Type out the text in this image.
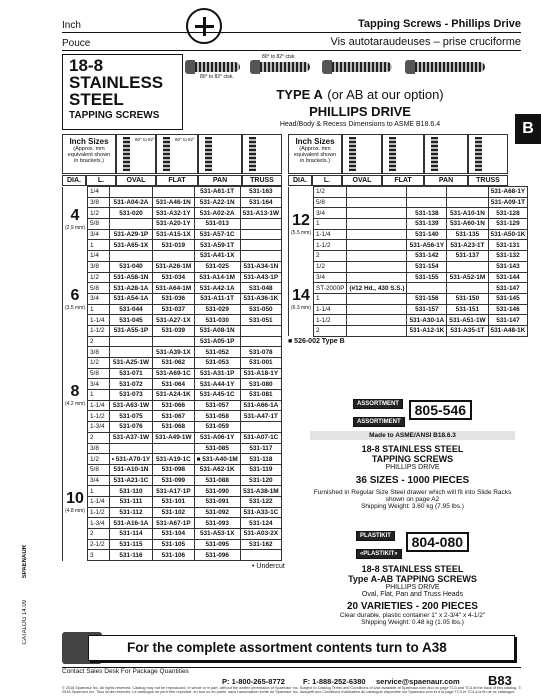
Inch
Pouce
Tapping Screws - Phillips Drive
Vis autotaraudeuses – prise cruciforme
B
18-8
STAINLESS
STEEL
TAPPING SCREWS
80° to 82° ctsk.
80° to 82° ctsk.
TYPE A (or AB at our option)
PHILLIPS DRIVE
Head/Body & Recess Dimensions to ASME B18.6.4
Inch Sizes
(Approx. mm equivalent shown in brackets.)
80° to 82°	80° to 82°
DIA.	L.	OVAL	FLAT	PAN	TRUSS
4
(2.9 mm)	1/4			531-A61-1T	531-163
	3/8	531-A04-2A	531-A46-1N	531-A22-1N	531-164
	1/2	531-020	531-A32-1Y	531-A02-2A	531-A13-1W
	5/8		531-A20-1Y	531-013	
	3/4	531-A29-1P	531-A15-1X	531-A57-1C	
	1	531-A65-1X	531-019	531-A59-1T	

6
(3.5 mm)	1/4			531-A41-1X	
	3/8	531-040	531-A26-1M	531-025	531-A34-1N
	1/2	531-A58-1N	531-034	531-A14-1M	531-A43-1P
	5/8	531-A28-1A	531-A64-1M	531-A42-1A	531-048
	3/4	531-A54-1A	531-036	531-A11-1T	531-A36-1K
	1	531-044	531-037	531-029	531-050
	1-1/4	531-045	531-A27-1X	531-030	531-051
	1-1/2	531-A55-1P	531-039	531-A08-1N	
	2			531-A05-1P	

8
(4.2 mm)	3/8		531-A39-1X	531-052	531-078
	1/2	531-A25-1W	531-062	531-053	531-001
	5/8	531-071	531-A69-1C	531-A31-1P	531-A18-1Y
	3/4	531-072	531-064	531-A44-1Y	531-080
	1	531-073	531-A24-1K	531-A45-1C	531-081
	1-1/4	531-A63-1W	531-066	531-057	531-A66-1A
	1-1/2	531-075	531-067	531-058	531-A47-1T
	1-3/4	531-076	531-068	531-059	
	2	531-A37-1W	531-A49-1W	531-A06-1Y	531-A07-1C

10
(4.8 mm)	3/8			531-085	531-117
	1/2	• 531-A70-1Y	531-A19-1C	■ 531-A40-1M	531-118
	5/8	531-A10-1N	531-098	531-A62-1K	531-119
	3/4	531-A21-1C	531-099	531-088	531-120
	1	531-110	531-A17-1P	531-090	531-A38-1M
	1-1/4	531-111	531-101	531-091	531-122
	1-1/2	531-112	531-102	531-092	531-A33-1C
	1-3/4	531-A16-1A	531-A67-1P	531-093	531-124
	2	531-114	531-104	531-A53-1X	531-A03-2X
	2-1/2	531-115	531-105	531-095	531-162
	3	531-116	531-106	531-096	
Inch Sizes
(Approx. mm equivalent shown in brackets.)
DIA.	L.	OVAL	FLAT	PAN	TRUSS
12
(5.5 mm)	1/2				531-A68-1Y
	5/8				531-A09-1T
	3/4		531-138	531-A10-1N	531-128
	1		531-139	531-A60-1N	531-129
	1-1/4		531-140	531-135	531-A50-1K
	1-1/2		531-A56-1Y	531-A23-1T	531-131
	2		531-142	531-137	531-132

14
(6.3 mm)	1/2		531-154		531-143
	3/4		531-155	531-A52-1M	531-144
	ST-2000P	(#12 Hd., 430 S.S.)			531-147
	1		531-156	531-150	531-145
	1-1/4		531-157	531-151	531-146
	1-1/2		531-A30-1A	531-A51-1W	531-147
	2		531-A12-1K	531-A35-1T	531-A48-1K
■ 526-002 Type B
• Undercut
ASSORTMENT
ASSORTIMENT
805-546
Made to ASME/ANSI B18.6.3
18-8 STAINLESS STEEL
TAPPING SCREWS
PHILLIPS DRIVE
36 SIZES - 1000 PIECES
Furnished in Regular Size Steel drawer which will fit into Slide Racks shown on page A2
Shipping Weight: 3.60 kg (7.95 lbs.)
PLASTIKIT
«PLASTIKIT»
804-080
18-8 STAINLESS STEEL
Type A-AB TAPPING SCREWS
PHILLIPS DRIVE
Oval, Flat, Pan and Truss Heads
20 VARIETIES - 200 PIECES
Clear durable, plastic container 1" x 2-3/4" x 4-1/2"
Shipping Weight: 0.48 kg (1.05 lbs.)
For the complete assortment contents turn to A38
CATALOG 14.09
SPAENAUR
Contact Sales Desk For Package Quantities
P: 1-800-265-8772 F: 1-888-252-6380 service@spaenaur.com B83
© 2018 Spaenaur Inc. All rights reserved. Catalog may not be reproduced, in whole or in part, without the written permission of Spaenaur Inc. Subject to Catalog Terms and Conditions of Use available at Spaenaur.com and on page TC3 and TC4 at the back of this catalog. © 2018 Spaenaur Inc. Tous droits réservés. Le catalogue ne peut être reproduit, en tout ou en partie, sans l'autorisation écrite de Spaenaur Inc. Assujetti aux Conditions d'utilisation du catalogue disponible sur Spaenaur.com et à la page TC3 et TC4 à la fin de ce catalogue.
